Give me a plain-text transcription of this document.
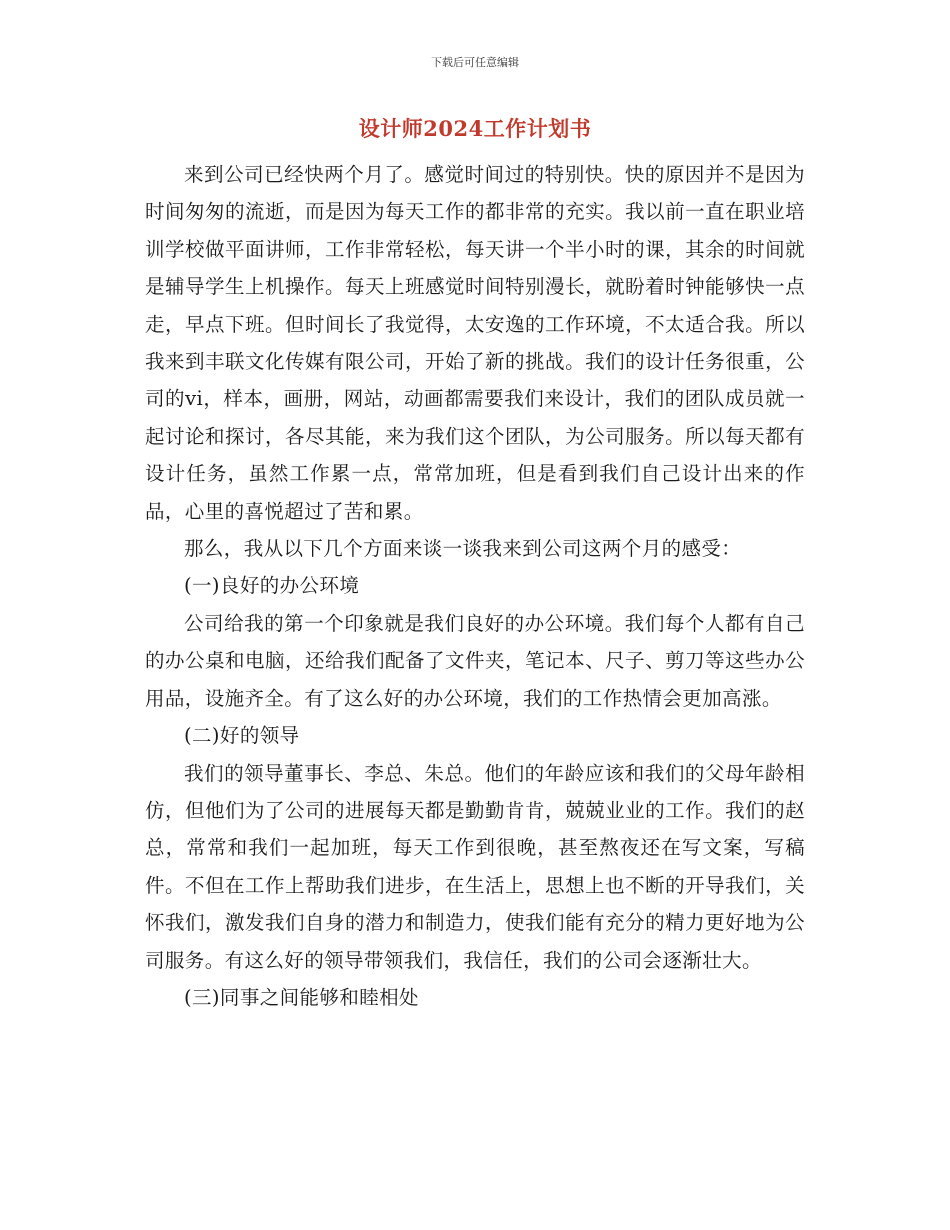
下载后可任意编辑
设计师2024工作计划书

来到公司已经快两个月了。感觉时间过的特别快。快的原因并不是因为时间匆匆的流逝，而是因为每天工作的都非常的充实。我以前一直在职业培训学校做平面讲师，工作非常轻松，每天讲一个半小时的课，其余的时间就是辅导学生上机操作。每天上班感觉时间特别漫长，就盼着时钟能够快一点走，早点下班。但时间长了我觉得，太安逸的工作环境，不太适合我。所以我来到丰联文化传媒有限公司，开始了新的挑战。我们的设计任务很重，公司的vi，样本，画册，网站，动画都需要我们来设计，我们的团队成员就一起讨论和探讨，各尽其能，来为我们这个团队，为公司服务。所以每天都有设计任务，虽然工作累一点，常常加班，但是看到我们自己设计出来的作品，心里的喜悦超过了苦和累。

那么，我从以下几个方面来谈一谈我来到公司这两个月的感受：

(一)良好的办公环境

公司给我的第一个印象就是我们良好的办公环境。我们每个人都有自己的办公桌和电脑，还给我们配备了文件夹，笔记本、尺子、剪刀等这些办公用品，设施齐全。有了这么好的办公环境，我们的工作热情会更加高涨。

(二)好的领导

我们的领导董事长、李总、朱总。他们的年龄应该和我们的父母年龄相仿，但他们为了公司的进展每天都是勤勤肯肯，兢兢业业的工作。我们的赵总，常常和我们一起加班，每天工作到很晚，甚至熬夜还在写文案，写稿件。不但在工作上帮助我们进步，在生活上，思想上也不断的开导我们，关怀我们，激发我们自身的潜力和制造力，使我们能有充分的精力更好地为公司服务。有这么好的领导带领我们，我信任，我们的公司会逐渐壮大。

(三)同事之间能够和睦相处
